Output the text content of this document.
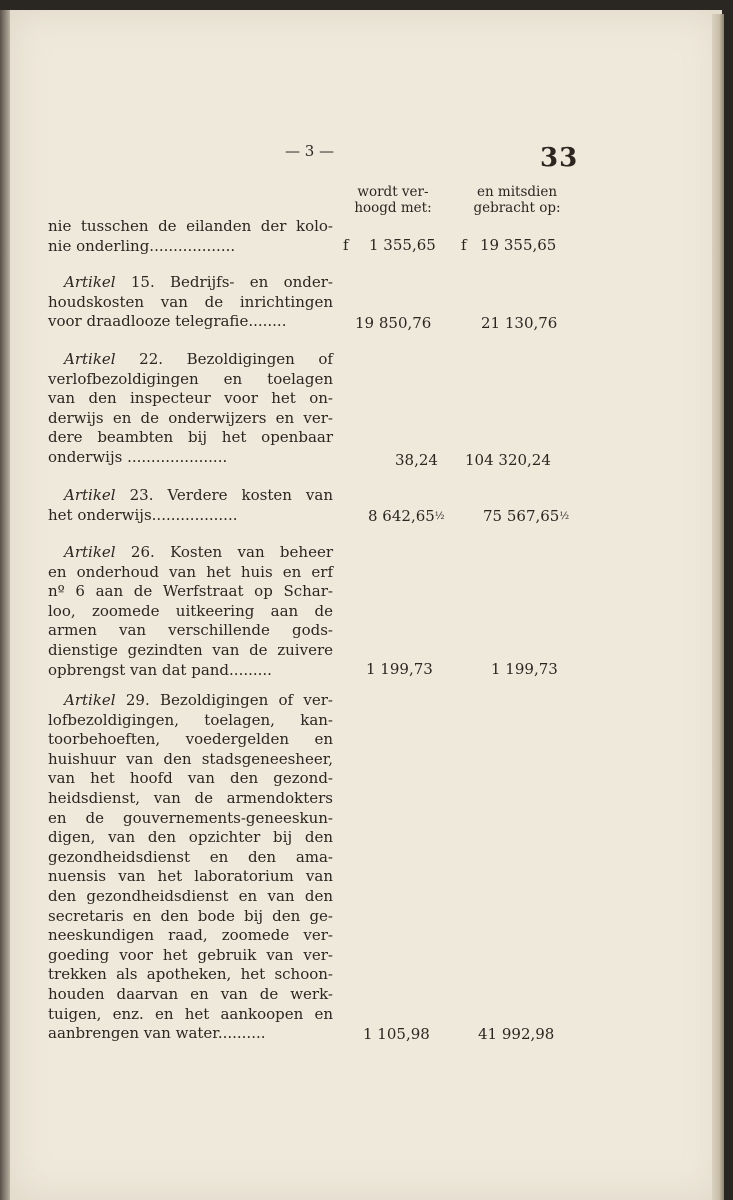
— 3 —	33
wordt ver-
hoogd met:
en mitsdien
gebracht op:
nie tusschen de eilanden der kolo-
nie onderling..................	f 1 355,65 f 19 355,65
Artikel 15. Bedrijfs- en onder-
houdskosten van de inrichtingen
voor draadlooze telegrafie........	19 850,76	21 130,76
Artikel 22. Bezoldigingen of
verlofbezoldigingen en toelagen
van den inspecteur voor het on-
derwijs en de onderwijzers en ver-
dere beambten bij het openbaar
onderwijs .....................	38,24 104 320,24
Artikel 23. Verdere kosten van
het onderwijs..................	8 642,65½	75 567,65½
Artikel 26. Kosten van beheer
en onderhoud van het huis en erf
nº 6 aan de Werfstraat op Schar-
loo, zoomede uitkeering aan de
armen van verschillende gods-
dienstige gezindten van de zuivere
opbrengst van dat pand.........	1 199,73	1 199,73
Artikel 29. Bezoldigingen of ver-
lofbezoldigingen, toelagen, kan-
toorbehoeften, voedergelden en
huishuur van den stadsgeneesheer,
van het hoofd van den gezond-
heidsdienst, van de armendokters
en de gouvernements-geneeskun-
digen, van den opzichter bij den
gezondheidsdienst en den ama-
nuensis van het laboratorium van
den gezondheidsdienst en van den
secretaris en den bode bij den ge-
neeskundigen raad, zoomede ver-
goeding voor het gebruik van ver-
trekken als apotheken, het schoon-
houden daarvan en van de werk-
tuigen, enz. en het aankoopen en
aanbrengen van water..........	1 105,98	41 992,98
